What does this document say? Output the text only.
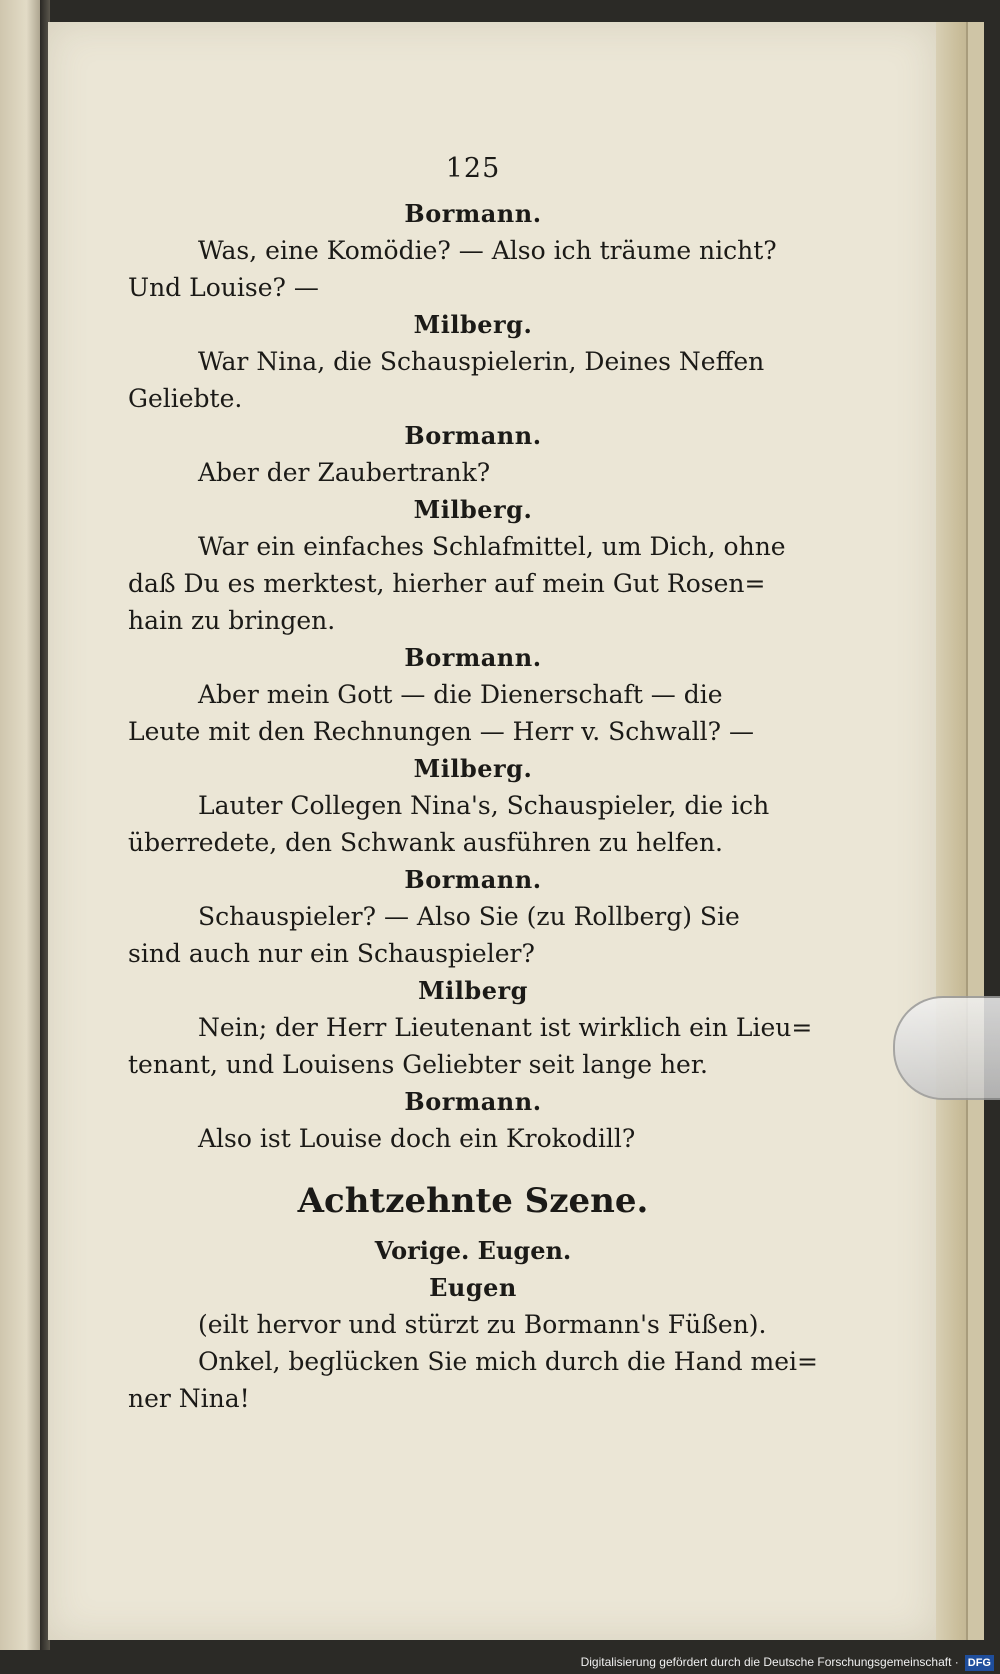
125
Bormann.
Was, eine Komödie? — Also ich träume nicht?
Und Louise? —
Milberg.
War Nina, die Schauspielerin, Deines Neffen
Geliebte.
Bormann.
Aber der Zaubertrank?
Milberg.
War ein einfaches Schlafmittel, um Dich, ohne
daß Du es merktest, hierher auf mein Gut Rosen=
hain zu bringen.
Bormann.
Aber mein Gott — die Dienerschaft — die
Leute mit den Rechnungen — Herr v. Schwall? —
Milberg.
Lauter Collegen Nina's, Schauspieler, die ich
überredete, den Schwank ausführen zu helfen.
Bormann.
Schauspieler? — Also Sie (zu Rollberg) Sie
sind auch nur ein Schauspieler?
Milberg
Nein; der Herr Lieutenant ist wirklich ein Lieu=
tenant, und Louisens Geliebter seit lange her.
Bormann.
Also ist Louise doch ein Krokodill?
Achtzehnte Szene.
Vorige. Eugen.
Eugen
(eilt hervor und stürzt zu Bormann's Füßen).
Onkel, beglücken Sie mich durch die Hand mei=
ner Nina!
Digitalisierung gefördert durch die Deutsche Forschungsgemeinschaft · DFG
